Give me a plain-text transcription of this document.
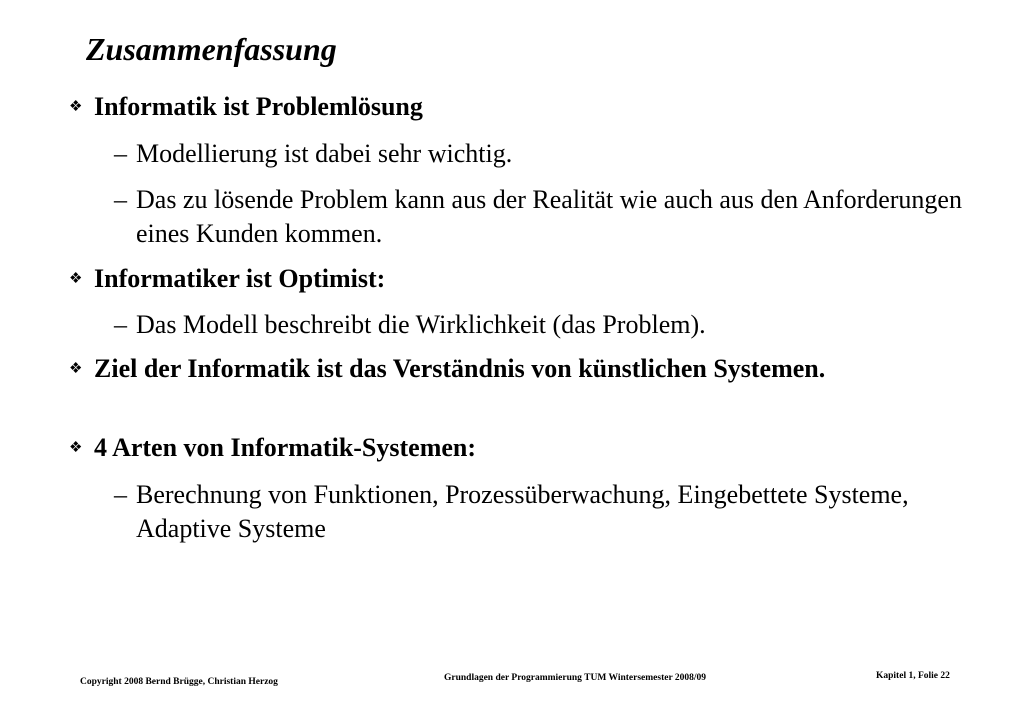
Zusammenfassung
❖ Informatik ist Problemlösung
– Modellierung ist dabei sehr wichtig.
– Das zu lösende Problem kann aus der Realität wie auch aus den Anforderungen eines Kunden kommen.
❖ Informatiker ist Optimist:
– Das Modell beschreibt die Wirklichkeit (das Problem).
❖ Ziel der Informatik ist das Verständnis von künstlichen Systemen.
❖ 4 Arten von Informatik-Systemen:
– Berechnung von Funktionen, Prozessüberwachung, Eingebettete Systeme, Adaptive Systeme
Copyright 2008 Bernd Brügge, Christian Herzog	Grundlagen der Programmierung TUM Wintersemester 2008/09	Kapitel 1, Folie 22
